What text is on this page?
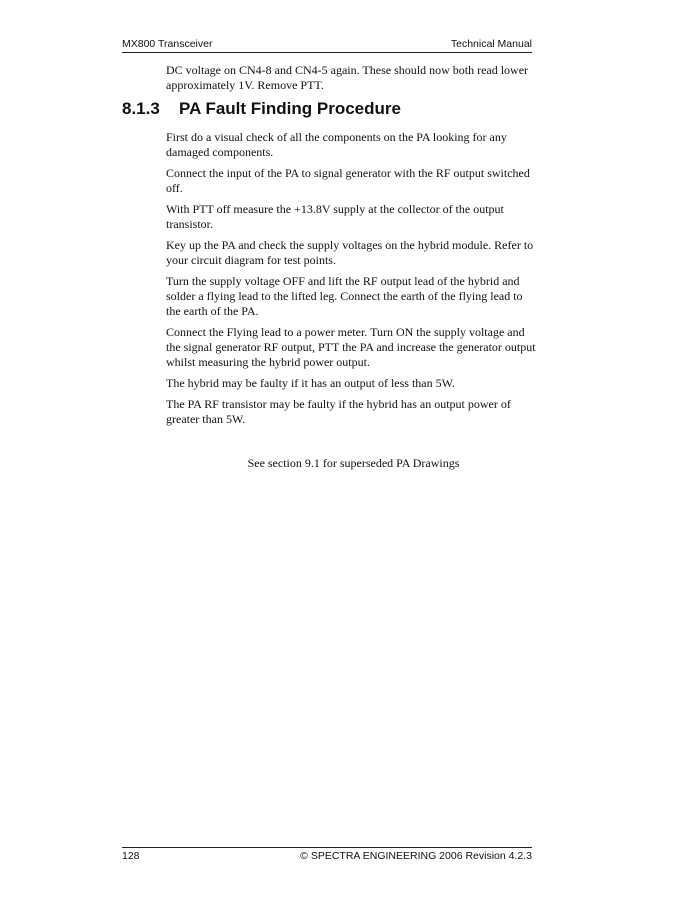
MX800 Transceiver	Technical Manual
DC voltage on CN4-8 and CN4-5 again. These should now both read lower approximately 1V. Remove PTT.
8.1.3	PA Fault Finding Procedure

First do a visual check of all the components on the PA looking for any damaged components.

Connect the input of the PA to signal generator with the RF output switched off.

With PTT off measure the +13.8V supply at the collector of the output transistor.

Key up the PA and check the supply voltages on the hybrid module. Refer to your circuit diagram for test points.

Turn the supply voltage OFF and lift the RF output lead of the hybrid and solder a flying lead to the lifted leg. Connect the earth of the flying lead to the earth of the PA.

Connect the Flying lead to a power meter. Turn ON the supply voltage and the signal generator RF output, PTT the PA and increase the generator output whilst measuring the hybrid power output.

The hybrid may be faulty if it has an output of less than 5W.

The PA RF transistor may be faulty if the hybrid has an output power of greater than 5W.

See section 9.1 for superseded PA Drawings
128	© SPECTRA ENGINEERING 2006 Revision 4.2.3
